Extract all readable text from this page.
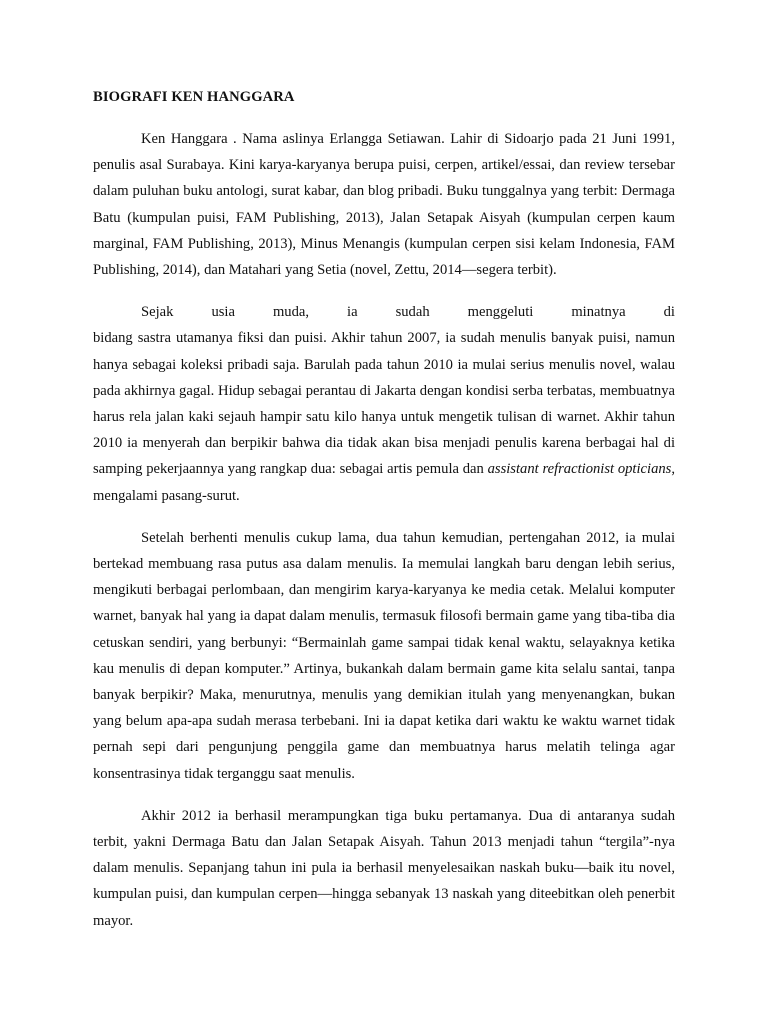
BIOGRAFI KEN HANGGARA

Ken Hanggara . Nama aslinya Erlangga Setiawan. Lahir di Sidoarjo pada 21 Juni 1991, penulis asal Surabaya. Kini karya-karyanya berupa puisi, cerpen, artikel/essai, dan review tersebar dalam puluhan buku antologi, surat kabar, dan blog pribadi. Buku tunggalnya yang terbit: Dermaga Batu (kumpulan puisi, FAM Publishing, 2013), Jalan Setapak Aisyah (kumpulan cerpen kaum marginal, FAM Publishing, 2013), Minus Menangis (kumpulan cerpen sisi kelam Indonesia, FAM Publishing, 2014), dan Matahari yang Setia (novel, Zettu, 2014—segera terbit).

Sejak	usia	muda,	ia	sudah	menggeluti	minatnya	di
bidang sastra utamanya fiksi dan puisi. Akhir tahun 2007, ia sudah menulis banyak puisi, namun hanya sebagai koleksi pribadi saja. Barulah pada tahun 2010 ia mulai serius menulis novel, walau pada akhirnya gagal. Hidup sebagai perantau di Jakarta dengan kondisi serba terbatas, membuatnya harus rela jalan kaki sejauh hampir satu kilo hanya untuk mengetik tulisan di warnet. Akhir tahun 2010 ia menyerah dan berpikir bahwa dia tidak akan bisa menjadi penulis karena berbagai hal di samping pekerjaannya yang rangkap dua: sebagai artis pemula dan assistant refractionist opticians, mengalami pasang-surut.

Setelah berhenti menulis cukup lama, dua tahun kemudian, pertengahan 2012, ia mulai bertekad membuang rasa putus asa dalam menulis. Ia memulai langkah baru dengan lebih serius, mengikuti berbagai perlombaan, dan mengirim karya-karyanya ke media cetak. Melalui komputer warnet, banyak hal yang ia dapat dalam menulis, termasuk filosofi bermain game yang tiba-tiba dia cetuskan sendiri, yang berbunyi: “Bermainlah game sampai tidak kenal waktu, selayaknya ketika kau menulis di depan komputer.” Artinya, bukankah dalam bermain game kita selalu santai, tanpa banyak berpikir? Maka, menurutnya, menulis yang demikian itulah yang menyenangkan, bukan yang belum apa-apa sudah merasa terbebani. Ini ia dapat ketika dari waktu ke waktu warnet tidak pernah sepi dari pengunjung penggila game dan membuatnya harus melatih telinga agar konsentrasinya tidak terganggu saat menulis.

Akhir 2012 ia berhasil merampungkan tiga buku pertamanya. Dua di antaranya sudah terbit, yakni Dermaga Batu dan Jalan Setapak Aisyah. Tahun 2013 menjadi tahun “tergila”-nya dalam menulis. Sepanjang tahun ini pula ia berhasil menyelesaikan naskah buku—baik itu novel, kumpulan puisi, dan kumpulan cerpen—hingga sebanyak 13 naskah yang diteebitkan oleh penerbit mayor.
